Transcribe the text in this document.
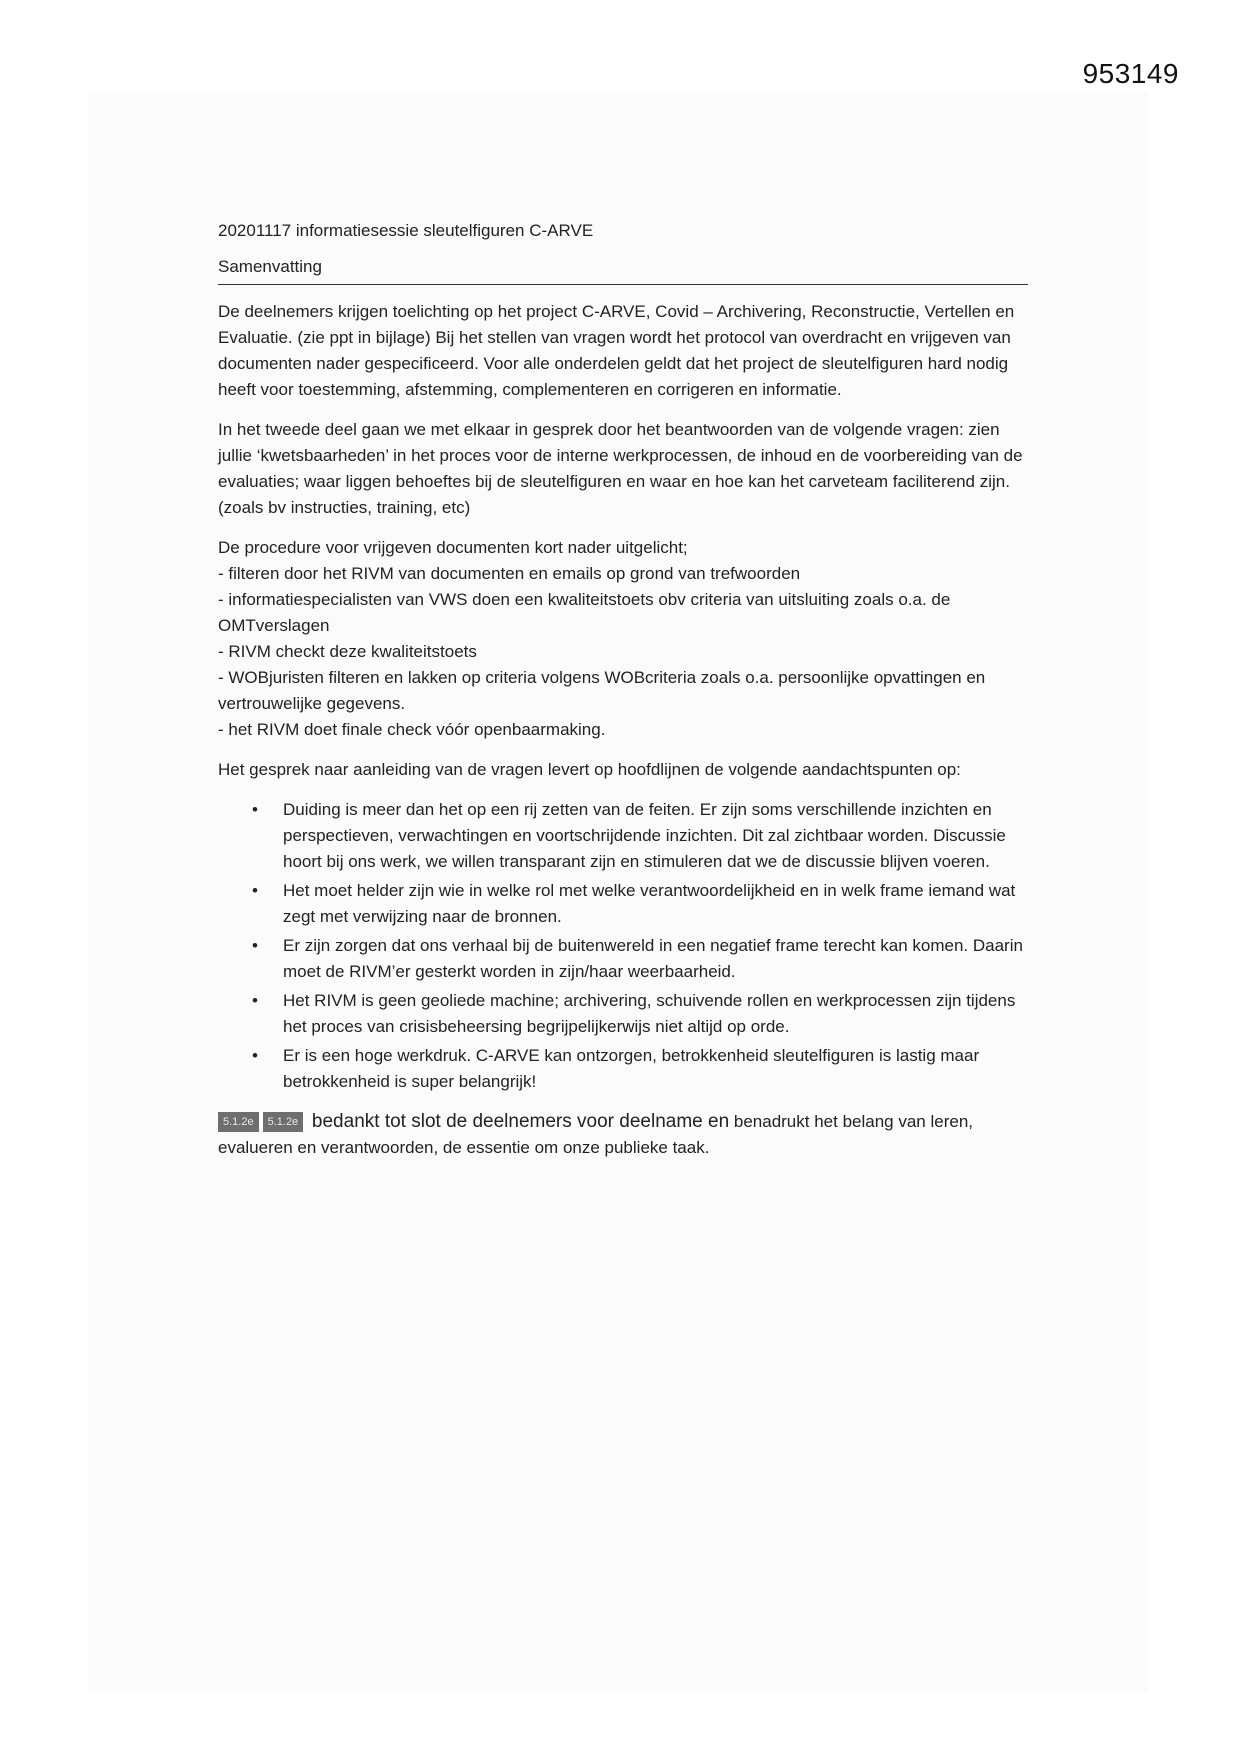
953149

20201117 informatiesessie sleutelfiguren C-ARVE

Samenvatting

De deelnemers krijgen toelichting op het project C-ARVE, Covid – Archivering, Reconstructie, Vertellen en Evaluatie. (zie ppt in bijlage) Bij het stellen van vragen wordt het protocol van overdracht en vrijgeven van documenten nader gespecificeerd. Voor alle onderdelen geldt dat het project de sleutelfiguren hard nodig heeft voor toestemming, afstemming, complementeren en corrigeren en informatie.

In het tweede deel gaan we met elkaar in gesprek door het beantwoorden van de volgende vragen: zien jullie ‘kwetsbaarheden’ in het proces voor de interne werkprocessen, de inhoud en de voorbereiding van de evaluaties; waar liggen behoeftes bij de sleutelfiguren en waar en hoe kan het carveteam faciliterend zijn. (zoals bv instructies, training, etc)

De procedure voor vrijgeven documenten kort nader uitgelicht;

- filteren door het RIVM van documenten en emails op grond van trefwoorden

- informatiespecialisten van VWS doen een kwaliteitstoets obv criteria van uitsluiting zoals o.a. de OMTverslagen

- RIVM checkt deze kwaliteitstoets

- WOBjuristen filteren en lakken op criteria volgens WOBcriteria zoals o.a. persoonlijke opvattingen en vertrouwelijke gegevens.

- het RIVM doet finale check vóór openbaarmaking.

Het gesprek naar aanleiding van de vragen levert op hoofdlijnen de volgende aandachtspunten op:

• Duiding is meer dan het op een rij zetten van de feiten. Er zijn soms verschillende inzichten en perspectieven, verwachtingen en voortschrijdende inzichten. Dit zal zichtbaar worden. Discussie hoort bij ons werk, we willen transparant zijn en stimuleren dat we de discussie blijven voeren.
• Het moet helder zijn wie in welke rol met welke verantwoordelijkheid en in welk frame iemand wat zegt met verwijzing naar de bronnen.
• Er zijn zorgen dat ons verhaal bij de buitenwereld in een negatief frame terecht kan komen. Daarin moet de RIVM’er gesterkt worden in zijn/haar weerbaarheid.
• Het RIVM is geen geoliede machine; archivering, schuivende rollen en werkprocessen zijn tijdens het proces van crisisbeheersing begrijpelijkerwijs niet altijd op orde.
• Er is een hoge werkdruk. C-ARVE kan ontzorgen, betrokkenheid sleutelfiguren is lastig maar betrokkenheid is super belangrijk!

5.1.2e 5.1.2e bedankt tot slot de deelnemers voor deelname en benadrukt het belang van leren, evalueren en verantwoorden, de essentie om onze publieke taak.
